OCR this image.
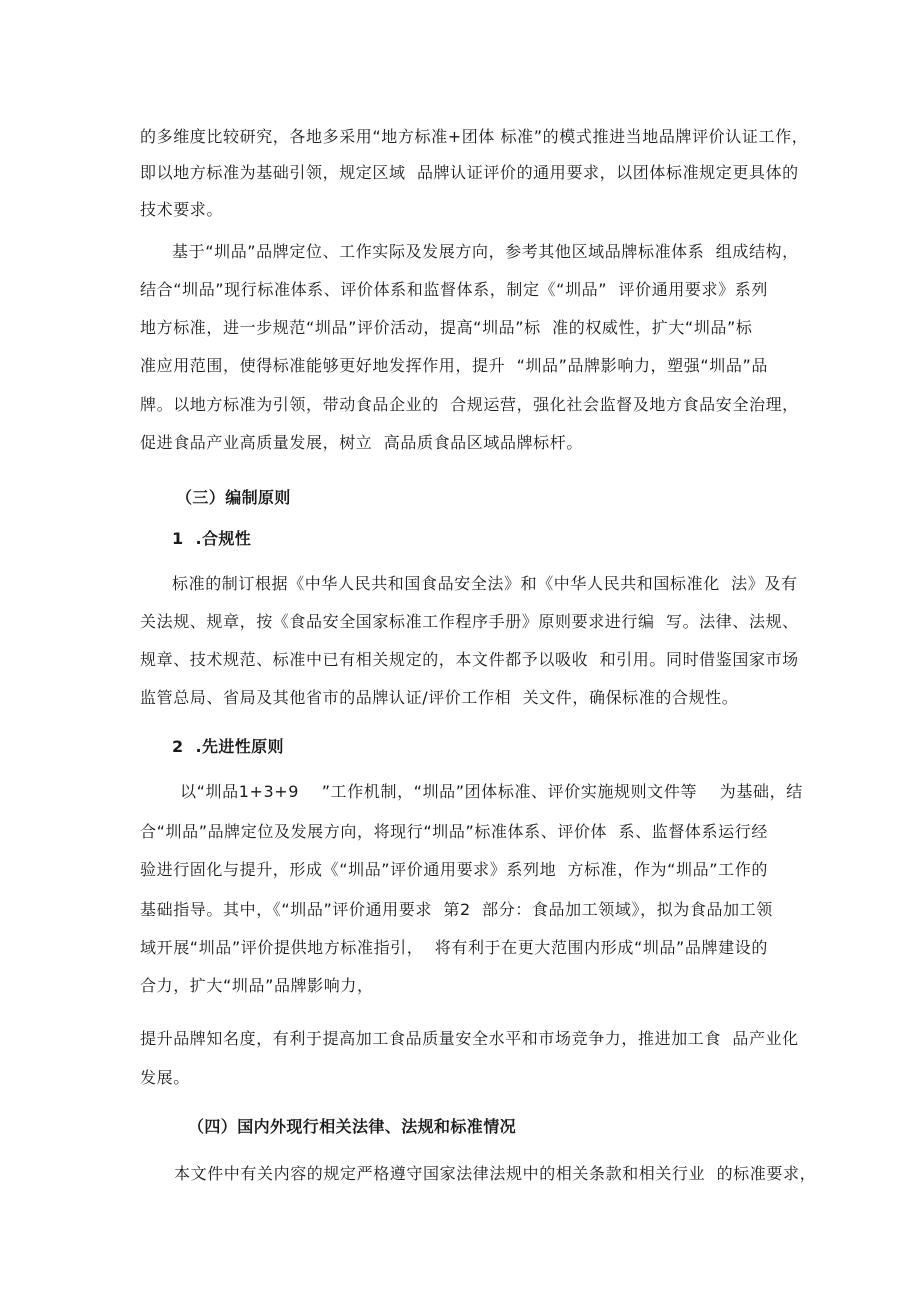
的多维度比较研究，各地多采用“地方标准+团体 标准”的模式推进当地品牌评价认证工作，
即以地方标准为基础引领，规定区域  品牌认证评价的通用要求，以团体标准规定更具体的
技术要求。
基于“圳品”品牌定位、工作实际及发展方向，参考其他区域品牌标准体系  组成结构，
结合“圳品”现行标准体系、评价体系和监督体系，制定《“圳品”  评价通用要求》系列
地方标准，进一步规范“圳品”评价活动，提高“圳品”标  准的权威性，扩大“圳品”标
准应用范围，使得标准能够更好地发挥作用，提升  “圳品”品牌影响力，塑强“圳品”品
牌。以地方标准为引领，带动食品企业的  合规运营，强化社会监督及地方食品安全治理，
促进食品产业高质量发展，树立  高品质食品区域品牌标杆。
（三）编制原则
1  .合规性
标准的制订根据《中华人民共和国食品安全法》和《中华人民共和国标准化  法》及有
关法规、规章，按《食品安全国家标准工作程序手册》原则要求进行编  写。法律、法规、
规章、技术规范、标准中已有相关规定的，本文件都予以吸收  和引用。同时借鉴国家市场
监管总局、省局及其他省市的品牌认证/评价工作相  关文件，确保标准的合规性。
2  .先进性原则
以“圳品1+3+9    ”工作机制，“圳品”团体标准、评价实施规则文件等    为基础，结
合“圳品”品牌定位及发展方向，将现行“圳品”标准体系、评价体  系、监督体系运行经
验进行固化与提升，形成《“圳品”评价通用要求》系列地  方标准，作为“圳品”工作的
基础指导。其中，《“圳品”评价通用要求  第2  部分：食品加工领域》，拟为食品加工领
域开展“圳品”评价提供地方标准指引，  将有利于在更大范围内形成“圳品”品牌建设的
合力，扩大“圳品”品牌影响力，
提升品牌知名度，有利于提高加工食品质量安全水平和市场竞争力，推进加工食  品产业化
发展。
（四）国内外现行相关法律、法规和标准情况
本文件中有关内容的规定严格遵守国家法律法规中的相关条款和相关行业  的标准要求，
